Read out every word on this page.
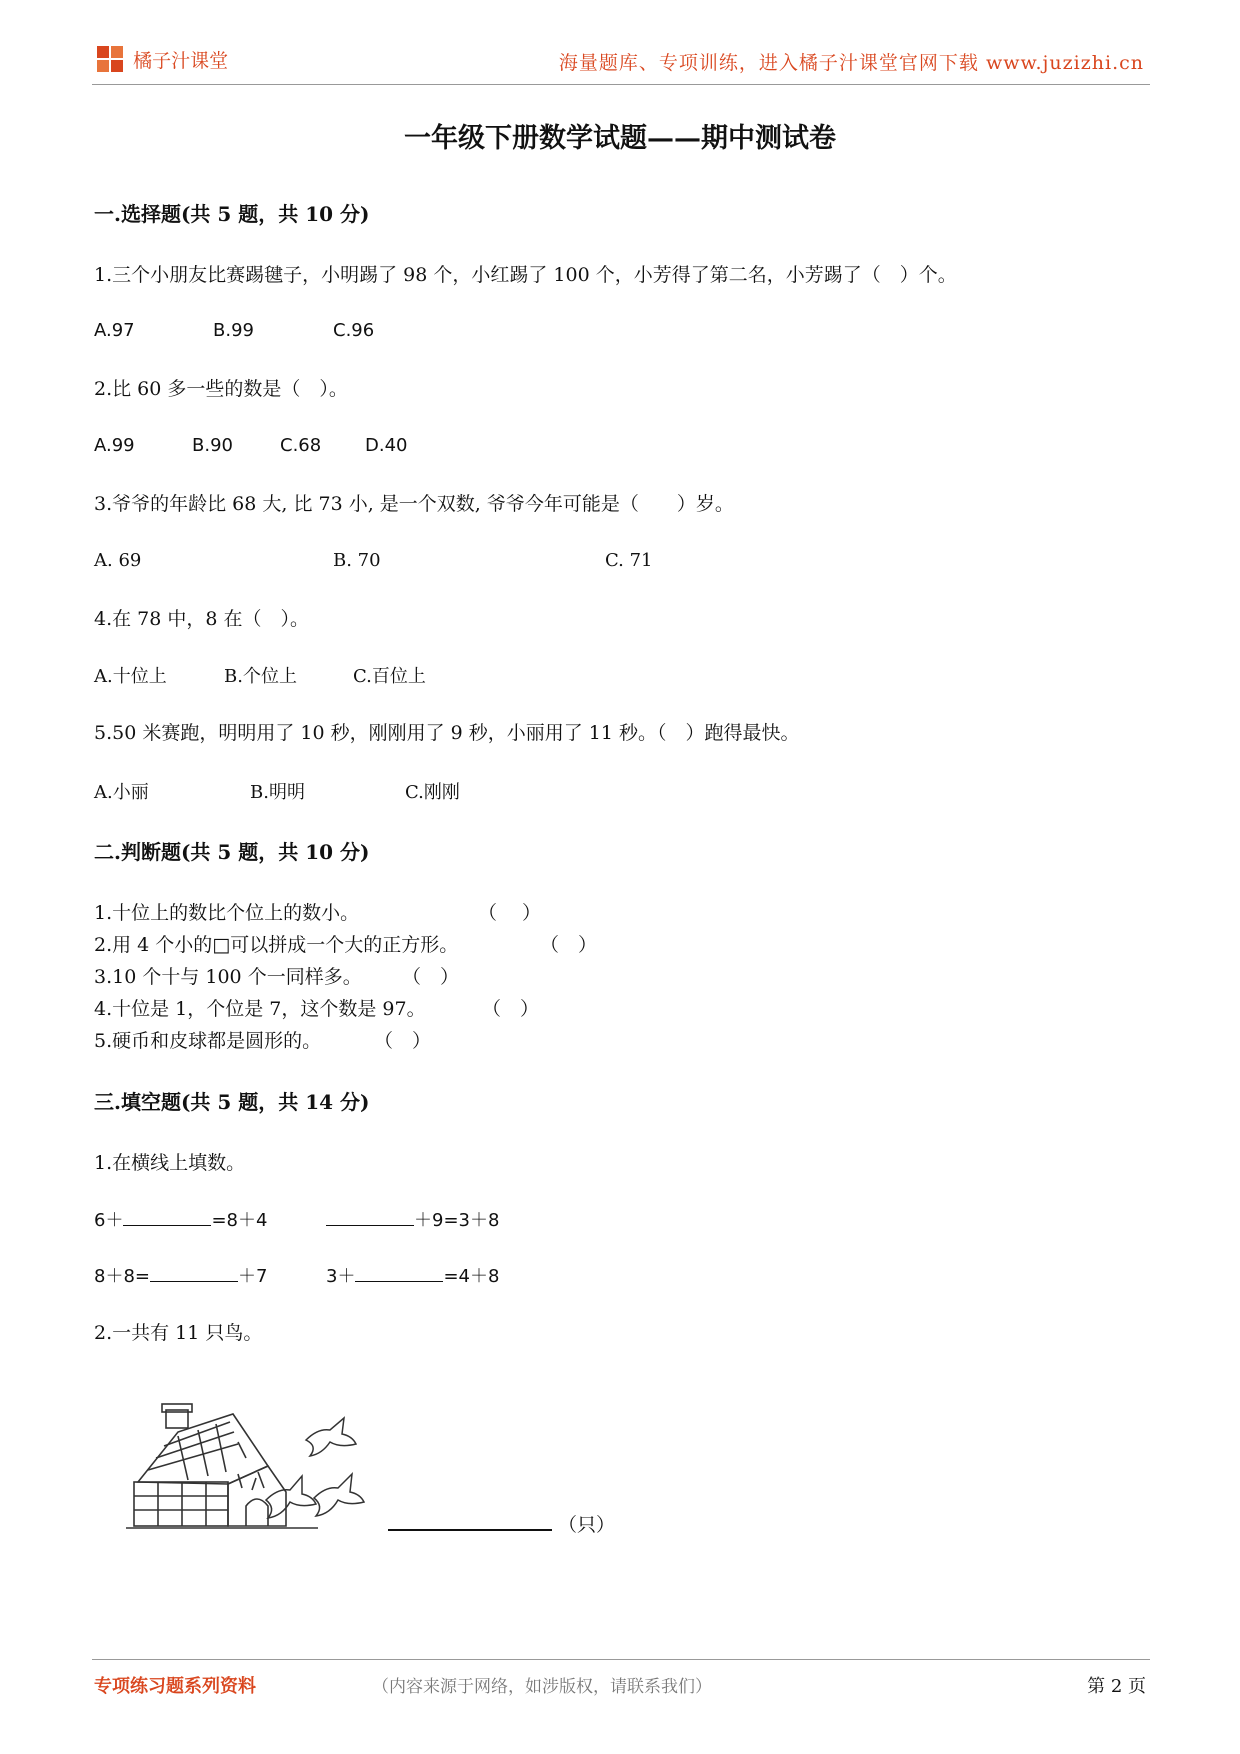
橘子汁课堂	海量题库、专项训练，进入橘子汁课堂官网下载 www.juzizhi.cn
一年级下册数学试题——期中测试卷
一.选择题(共 5 题，共 10 分)
1.三个小朋友比赛踢毽子，小明踢了 98 个，小红踢了 100 个，小芳得了第二名，小芳踢了（　）个。
A.97	B.99	C.96
2.比 60 多一些的数是（　）。
A.99	B.90	C.68 D.40
3.爷爷的年龄比 68 大, 比 73 小, 是一个双数, 爷爷今年可能是（　　）岁。
A. 69	B. 70	C. 71
4.在 78 中，8 在（　）。
A.十位上	B.个位上	C.百位上
5.50 米赛跑，明明用了 10 秒，刚刚用了 9 秒，小丽用了 11 秒。（　）跑得最快。
A.小丽	B.明明	C.刚刚
二.判断题(共 5 题，共 10 分)
1.十位上的数比个位上的数小。	（　 ）
2.用 4 个小的□可以拼成一个大的正方形。	（　）
3.10 个十与 100 个一同样多。 （　）
4.十位是 1，个位是 7，这个数是 97。	（　）
5.硬币和皮球都是圆形的。	（　）
三.填空题(共 5 题，共 14 分)
1.在横线上填数。
6＋	=8＋4	＋9=3＋8
8＋8=	＋7	3＋	=4＋8
2.一共有 11 只鸟。
（只）
专项练习题系列资料	（内容来源于网络，如涉版权，请联系我们）	第 2 页
